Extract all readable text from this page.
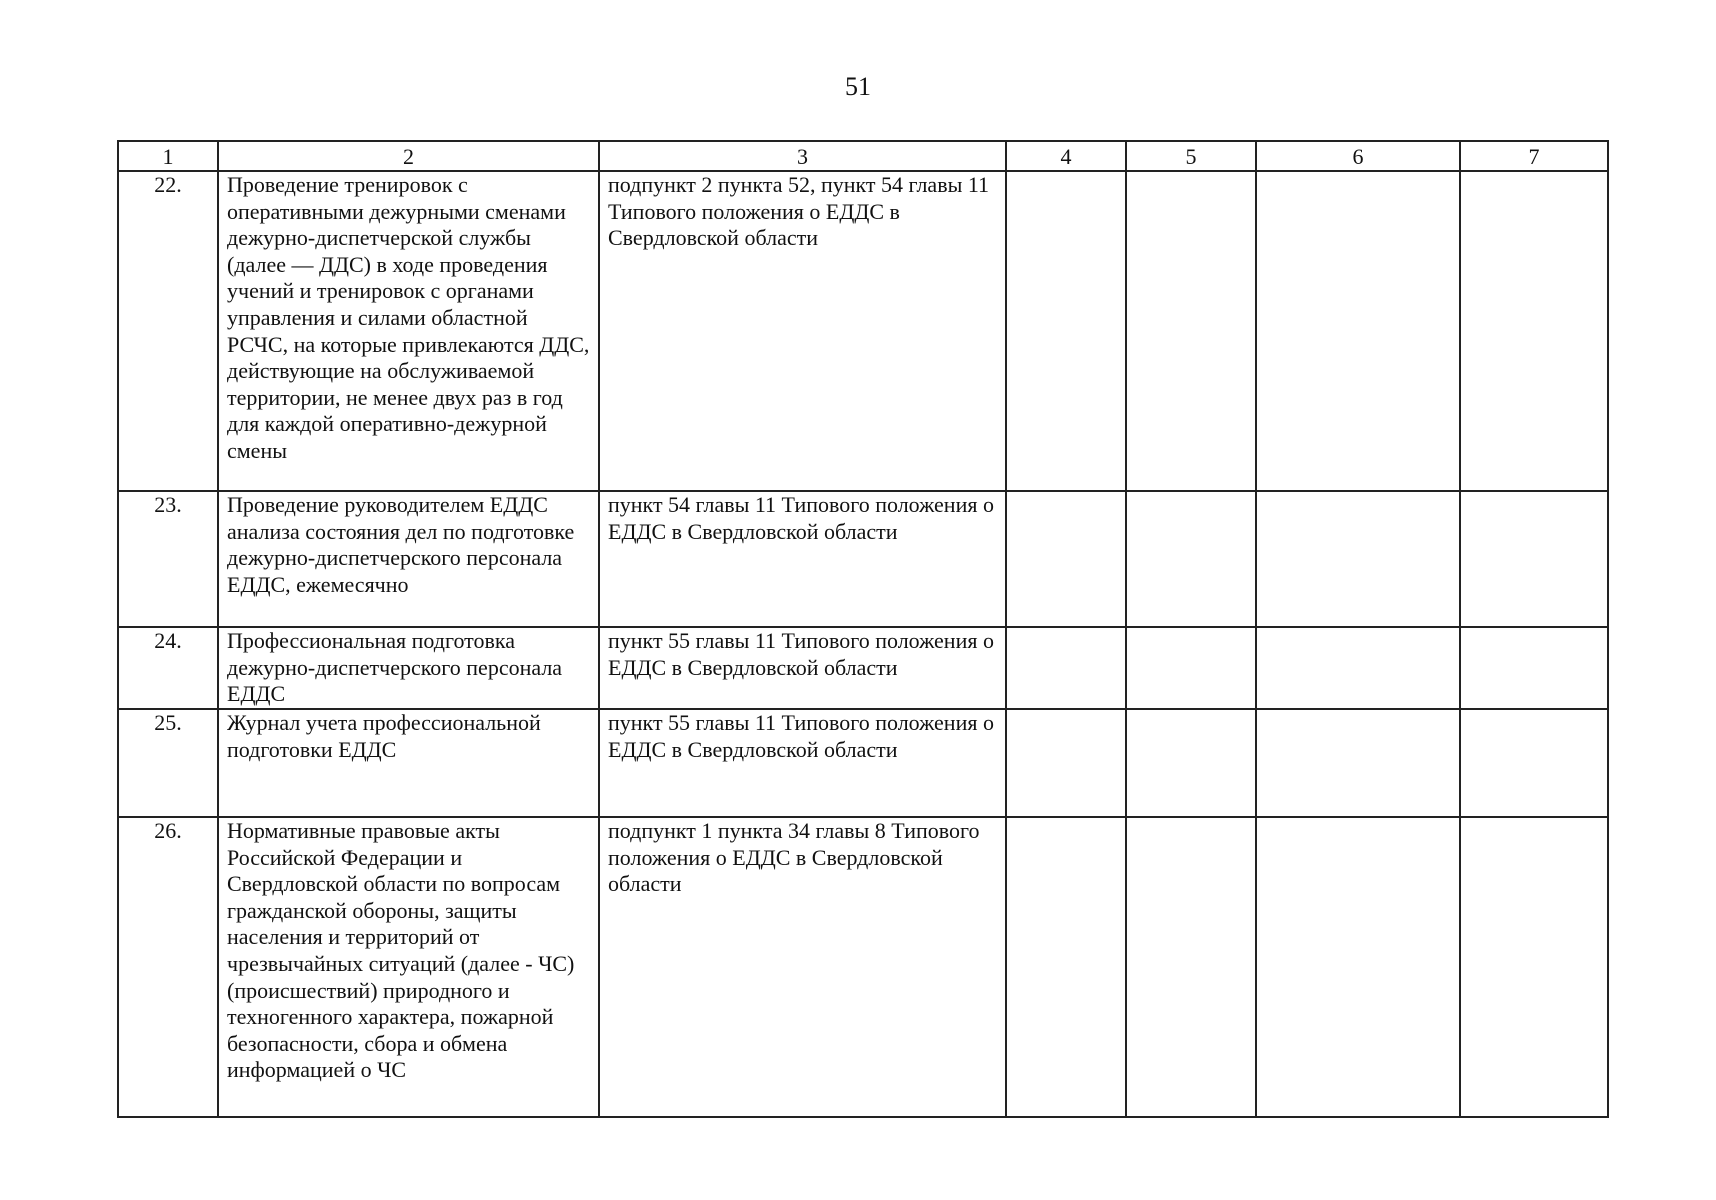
51
1	2	3	4	5	6	7
22.	Проведение тренировок с оперативными дежурными сменами дежурно-диспетчерской службы (далее — ДДС) в ходе проведения учений и тренировок с органами управления и силами областной РСЧС, на которые привлекаются ДДС, действующие на обслуживаемой территории, не менее двух раз в год для каждой оперативно-дежурной смены	подпункт 2 пункта 52, пункт 54 главы 11 Типового положения о ЕДДС в Свердловской области				
23.	Проведение руководителем ЕДДС анализа состояния дел по подготовке дежурно-диспетчерского персонала ЕДДС, ежемесячно	пункт 54 главы 11 Типового положения о ЕДДС в Свердловской области				
24.	Профессиональная подготовка дежурно-диспетчерского персонала ЕДДС	пункт 55 главы 11 Типового положения о ЕДДС в Свердловской области				
25.	Журнал учета профессиональной подготовки ЕДДС	пункт 55 главы 11 Типового положения о ЕДДС в Свердловской области				
26.	Нормативные правовые акты Российской Федерации и Свердловской области по вопросам гражданской обороны, защиты населения и территорий от чрезвычайных ситуаций (далее - ЧС) (происшествий) природного и техногенного характера, пожарной безопасности, сбора и обмена информацией о ЧС	подпункт 1 пункта 34 главы 8 Типового положения о ЕДДС в Свердловской области				
